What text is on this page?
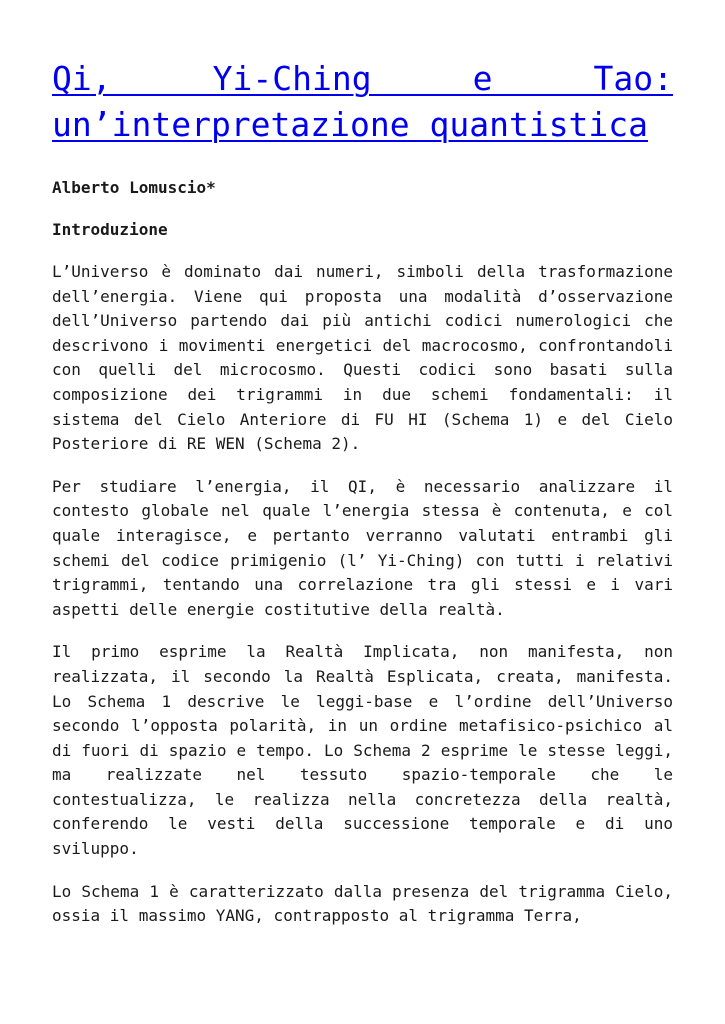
Qi, Yi-Ching e Tao: un’interpretazione quantistica

Alberto Lomuscio*

Introduzione

L’Universo è dominato dai numeri, simboli della trasformazione dell’energia. Viene qui proposta una modalità d’osservazione dell’Universo partendo dai più antichi codici numerologici che descrivono i movimenti energetici del macrocosmo, confrontandoli con quelli del microcosmo. Questi codici sono basati sulla composizione dei trigrammi in due schemi fondamentali: il sistema del Cielo Anteriore di FU HI (Schema 1) e del Cielo Posteriore di RE WEN (Schema 2).

Per studiare l’energia, il QI, è necessario analizzare il contesto globale nel quale l’energia stessa è contenuta, e col quale interagisce, e pertanto verranno valutati entrambi gli schemi del codice primigenio (l’ Yi-Ching) con tutti i relativi trigrammi, tentando una correlazione tra gli stessi e i vari aspetti delle energie costitutive della realtà.

Il primo esprime la Realtà Implicata, non manifesta, non realizzata, il secondo la Realtà Esplicata, creata, manifesta. Lo Schema 1 descrive le leggi-base e l’ordine dell’Universo secondo l’opposta polarità, in un ordine metafisico-psichico al di fuori di spazio e tempo. Lo Schema 2 esprime le stesse leggi, ma realizzate nel tessuto spazio-temporale che le contestualizza, le realizza nella concretezza della realtà, conferendo le vesti della successione temporale e di uno sviluppo.

Lo Schema 1 è caratterizzato dalla presenza del trigramma Cielo, ossia il massimo YANG, contrapposto al trigramma Terra,
